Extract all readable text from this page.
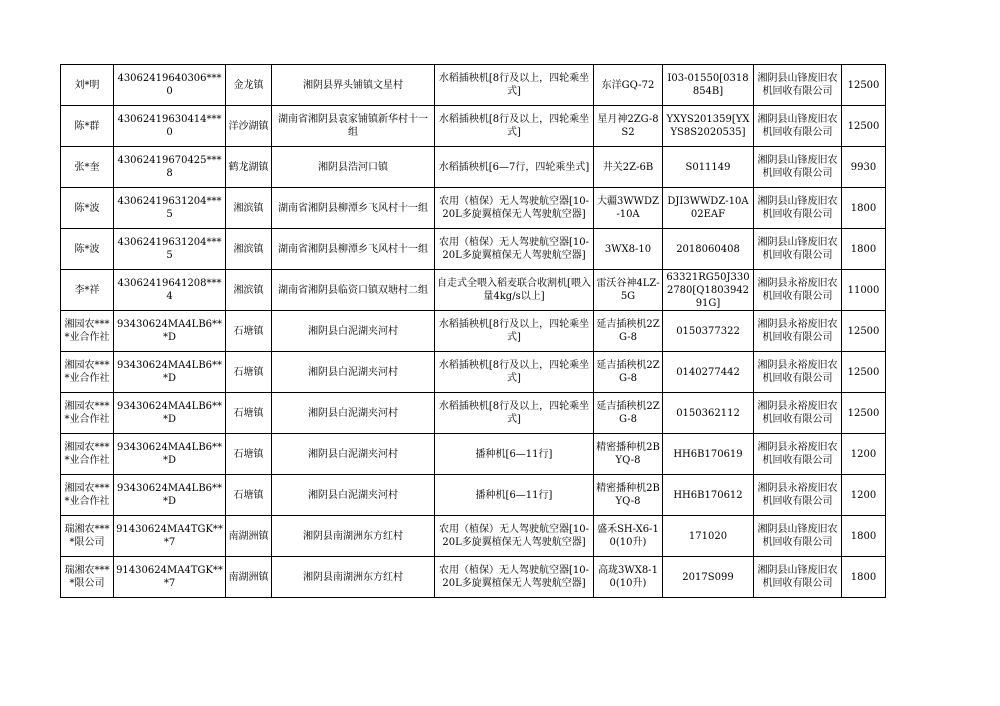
刘*明	43062419640306***0	金龙镇	湘阴县界头铺镇文星村	水稻插秧机[8行及以上，四轮乘坐式]	东洋GQ-72	I03-01550[0318854B]	湘阴县山锋废旧农机回收有限公司	12500
陈*群	43062419630414***0	洋沙湖镇	湖南省湘阴县袁家铺镇新华村十一组	水稻插秧机[8行及以上，四轮乘坐式]	星月神2ZG-8S2	YXYS201359[YXYS8S2020535]	湘阴县山锋废旧农机回收有限公司	12500
张*奎	43062419670425***8	鹤龙湖镇	湘阴县浩河口镇	水稻插秧机[6—7行，四轮乘坐式]	井关2Z-6B	S011149	湘阴县山锋废旧农机回收有限公司	9930
陈*波	43062419631204***5	湘滨镇	湖南省湘阴县柳潭乡飞风村十一组	农用（植保）无人驾驶航空器[10-20L多旋翼植保无人驾驶航空器]	大疆3WWDZ-10A	DJI3WWDZ-10A02EAF	湘阴县山锋废旧农机回收有限公司	1800
陈*波	43062419631204***5	湘滨镇	湖南省湘阴县柳潭乡飞风村十一组	农用（植保）无人驾驶航空器[10-20L多旋翼植保无人驾驶航空器]	3WX8-10	2018060408	湘阴县山锋废旧农机回收有限公司	1800
李*祥	43062419641208***4	湘滨镇	湖南省湘阴县临资口镇双塘村二组	自走式全喂入稻麦联合收割机[喂入量4kg/s以上]	雷沃谷神4LZ-5G	63321RG50J3302780[Q180394291G]	湘阴县永裕废旧农机回收有限公司	11000
湘园农****业合作社	93430624MA4LB6***D	石塘镇	湘阴县白泥湖夹河村	水稻插秧机[8行及以上，四轮乘坐式]	延吉插秧机2ZG-8	0150377322	湘阴县永裕废旧农机回收有限公司	12500
湘园农****业合作社	93430624MA4LB6***D	石塘镇	湘阴县白泥湖夹河村	水稻插秧机[8行及以上，四轮乘坐式]	延吉插秧机2ZG-8	0140277442	湘阴县永裕废旧农机回收有限公司	12500
湘园农****业合作社	93430624MA4LB6***D	石塘镇	湘阴县白泥湖夹河村	水稻插秧机[8行及以上，四轮乘坐式]	延吉插秧机2ZG-8	0150362112	湘阴县永裕废旧农机回收有限公司	12500
湘园农****业合作社	93430624MA4LB6***D	石塘镇	湘阴县白泥湖夹河村	播种机[6—11行]	精密播种机2BYQ-8	HH6B170619	湘阴县永裕废旧农机回收有限公司	1200
湘园农****业合作社	93430624MA4LB6***D	石塘镇	湘阴县白泥湖夹河村	播种机[6—11行]	精密播种机2BYQ-8	HH6B170612	湘阴县永裕废旧农机回收有限公司	1200
瑞湘农****限公司	91430624MA4TGK***7	南湖洲镇	湘阴县南湖洲东方红村	农用（植保）无人驾驶航空器[10-20L多旋翼植保无人驾驶航空器]	盛禾SH-X6-10(10升)	171020	湘阴县山锋废旧农机回收有限公司	1800
瑞湘农****限公司	91430624MA4TGK***7	南湖洲镇	湘阴县南湖洲东方红村	农用（植保）无人驾驶航空器[10-20L多旋翼植保无人驾驶航空器]	高珑3WX8-10(10升)	2017S099	湘阴县山锋废旧农机回收有限公司	1800
